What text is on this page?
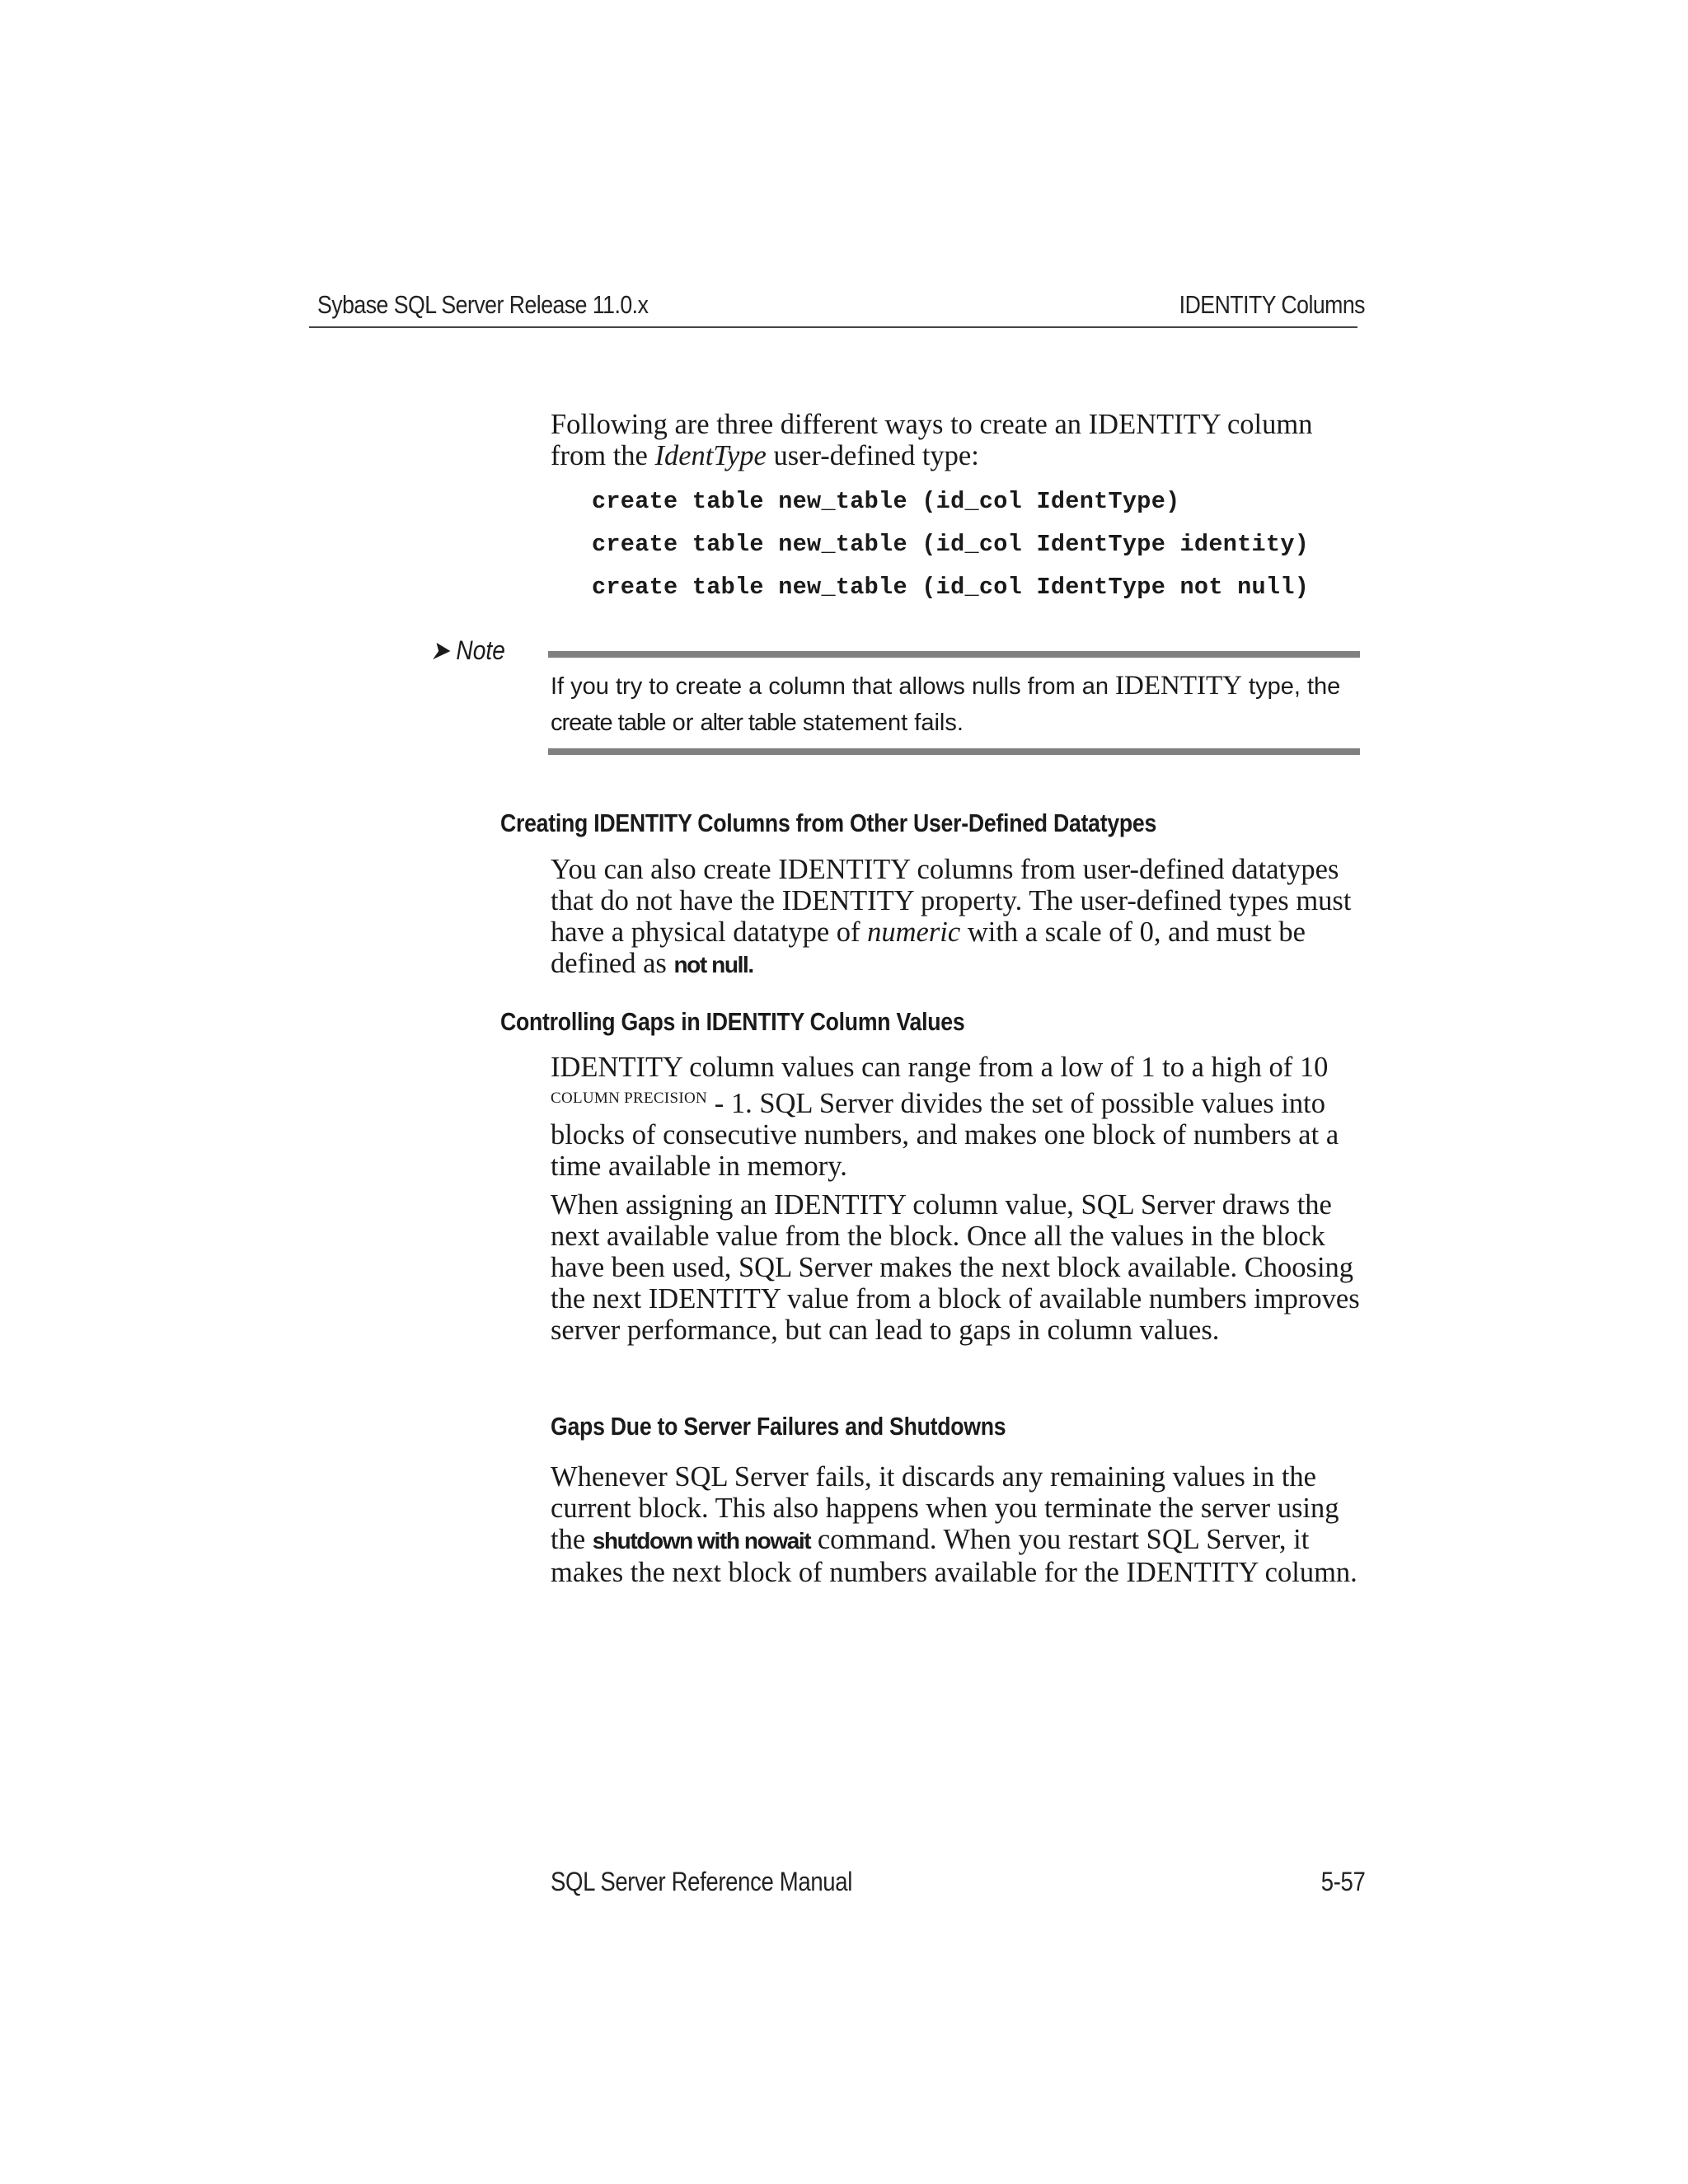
Sybase SQL Server Release 11.0.x	IDENTITY Columns

Following are three different ways to create an IDENTITY column from the IdentType user-defined type:

create table new_table (id_col IdentType)
create table new_table (id_col IdentType identity)
create table new_table (id_col IdentType not null)
➤ Note
If you try to create a column that allows nulls from an IDENTITY type, the
create table or alter table statement fails.
Creating IDENTITY Columns from Other User-Defined Datatypes

You can also create IDENTITY columns from user-defined datatypes that do not have the IDENTITY property. The user-defined types must have a physical datatype of numeric with a scale of 0, and must be defined as not null.

Controlling Gaps in IDENTITY Column Values

IDENTITY column values can range from a low of 1 to a high of 10 $^{COLUMN PRECISION}$ - 1. SQL Server divides the set of possible values into blocks of consecutive numbers, and makes one block of numbers at a time available in memory.

When assigning an IDENTITY column value, SQL Server draws the next available value from the block. Once all the values in the block have been used, SQL Server makes the next block available. Choosing the next IDENTITY value from a block of available numbers improves server performance, but can lead to gaps in column values.

Gaps Due to Server Failures and Shutdowns

Whenever SQL Server fails, it discards any remaining values in the current block. This also happens when you terminate the server using the shutdown with nowait command. When you restart SQL Server, it makes the next block of numbers available for the IDENTITY column.

SQL Server Reference Manual	5-57
